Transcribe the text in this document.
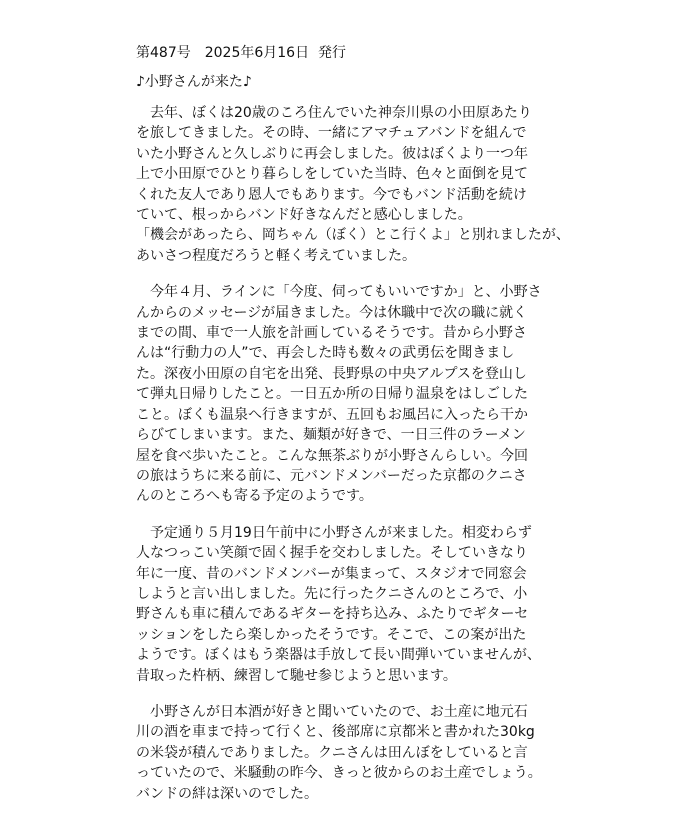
第487号　2025年6月16日  発行
♪小野さんが来た♪
去年、ぼくは20歳のころ住んでいた神奈川県の小田原あたり
を旅してきました。その時、一緒にアマチュアバンドを組んで
いた小野さんと久しぶりに再会しました。彼はぼくより一つ年
上で小田原でひとり暮らしをしていた当時、色々と面倒を見て
くれた友人であり恩人でもあります。今でもバンド活動を続け
ていて、根っからバンド好きなんだと感心しました。
「機会があったら、岡ちゃん（ぼく）とこ行くよ」と別れましたが、
あいさつ程度だろうと軽く考えていました。
今年４月、ラインに「今度、伺ってもいいですか」と、小野さ
んからのメッセージが届きました。今は休職中で次の職に就く
までの間、車で一人旅を計画しているそうです。昔から小野さ
んは“行動力の人”で、再会した時も数々の武勇伝を聞きまし
た。深夜小田原の自宅を出発、長野県の中央アルプスを登山し
て弾丸日帰りしたこと。一日五か所の日帰り温泉をはしごした
こと。ぼくも温泉へ行きますが、五回もお風呂に入ったら干か
らびてしまいます。また、麺類が好きで、一日三件のラーメン
屋を食べ歩いたこと。こんな無茶ぶりが小野さんらしい。今回
の旅はうちに来る前に、元バンドメンバーだった京都のクニさ
んのところへも寄る予定のようです。
予定通り５月19日午前中に小野さんが来ました。相変わらず
人なつっこい笑顔で固く握手を交わしました。そしていきなり
年に一度、昔のバンドメンバーが集まって、スタジオで同窓会
しようと言い出しました。先に行ったクニさんのところで、小
野さんも車に積んであるギターを持ち込み、ふたりでギターセ
ッションをしたら楽しかったそうです。そこで、この案が出た
ようです。ぼくはもう楽器は手放して長い間弾いていませんが、
昔取った杵柄、練習して馳せ参じようと思います。
小野さんが日本酒が好きと聞いていたので、お土産に地元石
川の酒を車まで持って行くと、後部席に京都米と書かれた30kg
の米袋が積んでありました。クニさんは田んぼをしていると言
っていたので、米騒動の昨今、きっと彼からのお土産でしょう。
バンドの絆は深いのでした。
